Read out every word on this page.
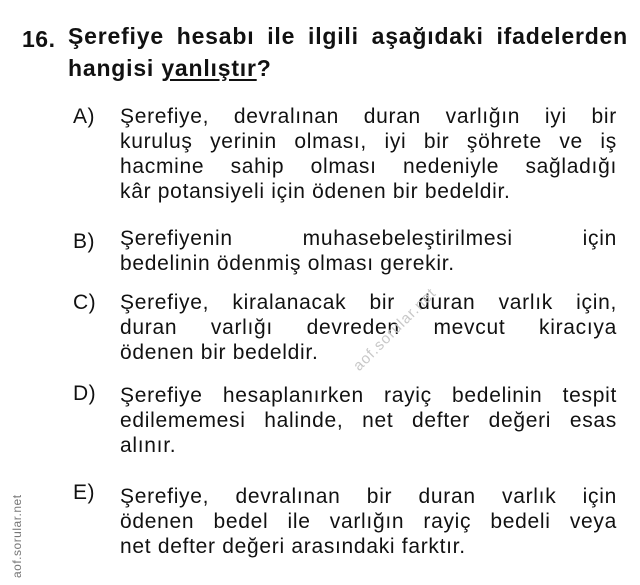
16. Şerefiye hesabı ile ilgili aşağıdaki ifadelerden hangisi yanlıştır?
A) Şerefiye, devralınan duran varlığın iyi bir
kuruluş yerinin olması, iyi bir şöhrete ve iş
hacmine sahip olması nedeniyle sağladığı
kâr potansiyeli için ödenen bir bedeldir.
B) Şerefiyenin muhasebeleştirilmesi için
bedelinin ödenmiş olması gerekir.
C) Şerefiye, kiralanacak bir duran varlık için,
duran varlığı devreden mevcut kiracıya
ödenen bir bedeldir.
D) Şerefiye hesaplanırken rayiç bedelinin tespit
edilememesi halinde, net defter değeri esas
alınır.
E) Şerefiye, devralınan bir duran varlık için
ödenen bedel ile varlığın rayiç bedeli veya
net defter değeri arasındaki farktır.
aof.sorular.net
aof.sorular.net
